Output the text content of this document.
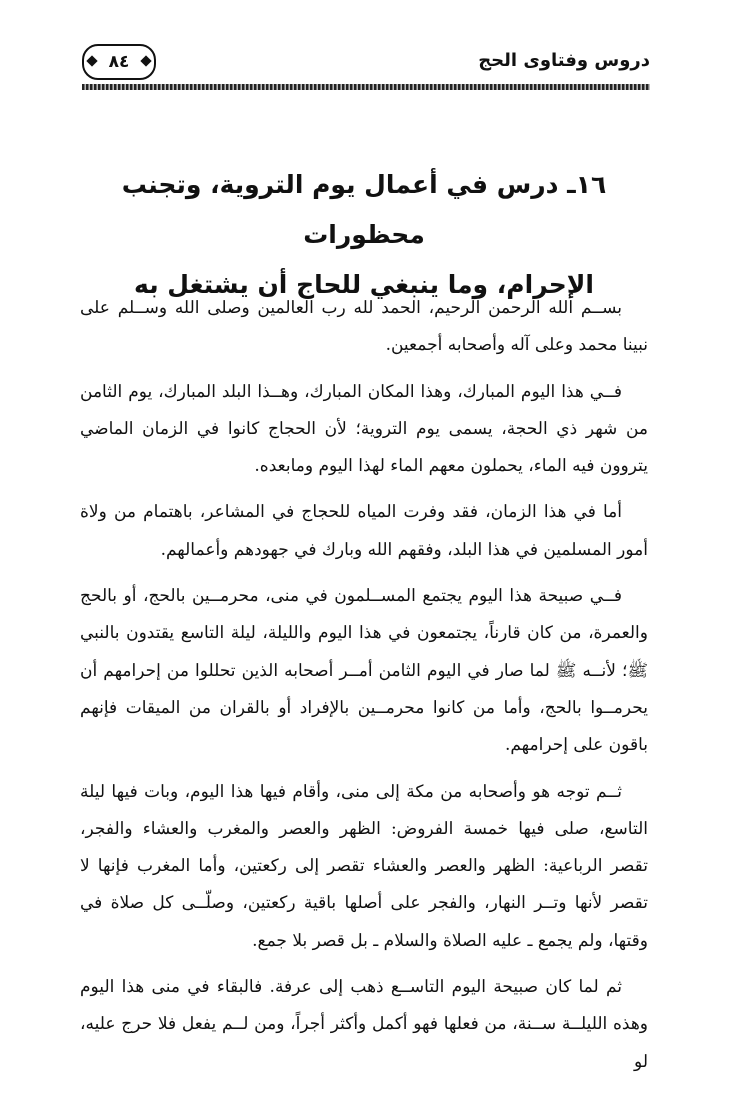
دروس وفتاوى الحج
٨٤
١٦ـ درس في أعمال يوم التروية، وتجنب محظورات
الإحرام، وما ينبغي للحاج أن يشتغل به

بســم الله الرحمن الرحيم، الحمد لله رب العالمين وصلى الله وســلم على نبينا محمد وعلى آله وأصحابه أجمعين.

فــي هذا اليوم المبارك، وهذا المكان المبارك، وهــذا البلد المبارك، يوم الثامن من شهر ذي الحجة، يسمى يوم التروية؛ لأن الحجاج كانوا في الزمان الماضي يتروون فيه الماء، يحملون معهم الماء لهذا اليوم ومابعده.

أما في هذا الزمان، فقد وفرت المياه للحجاج في المشاعر، باهتمام من ولاة أمور المسلمين في هذا البلد، وفقهم الله وبارك في جهودهم وأعمالهم.

فــي صبيحة هذا اليوم يجتمع المســلمون في منى، محرمــين بالحج، أو بالحج والعمرة، من كان قارناً، يجتمعون في هذا اليوم والليلة، ليلة التاسع يقتدون بالنبي ﷺ؛ لأنــه ﷺ لما صار في اليوم الثامن أمــر أصحابه الذين تحللوا من إحرامهم أن يحرمــوا بالحج، وأما من كانوا محرمــين بالإفراد أو بالقران من الميقات فإنهم باقون على إحرامهم.

ثــم توجه هو وأصحابه من مكة إلى منى، وأقام فيها هذا اليوم، وبات فيها ليلة التاسع، صلى فيها خمسة الفروض: الظهر والعصر والمغرب والعشاء والفجر، تقصر الرباعية: الظهر والعصر والعشاء تقصر إلى ركعتين، وأما المغرب فإنها لا تقصر لأنها وتــر النهار، والفجر على أصلها باقية ركعتين، وصلّــى كل صلاة في وقتها، ولم يجمع ـ عليه الصلاة والسلام ـ بل قصر بلا جمع.

ثم لما كان صبيحة اليوم التاســع ذهب إلى عرفة. فالبقاء في منى هذا اليوم وهذه الليلــة ســنة، من فعلها فهو أكمل وأكثر أجراً، ومن لــم يفعل فلا حرج عليه، لو
